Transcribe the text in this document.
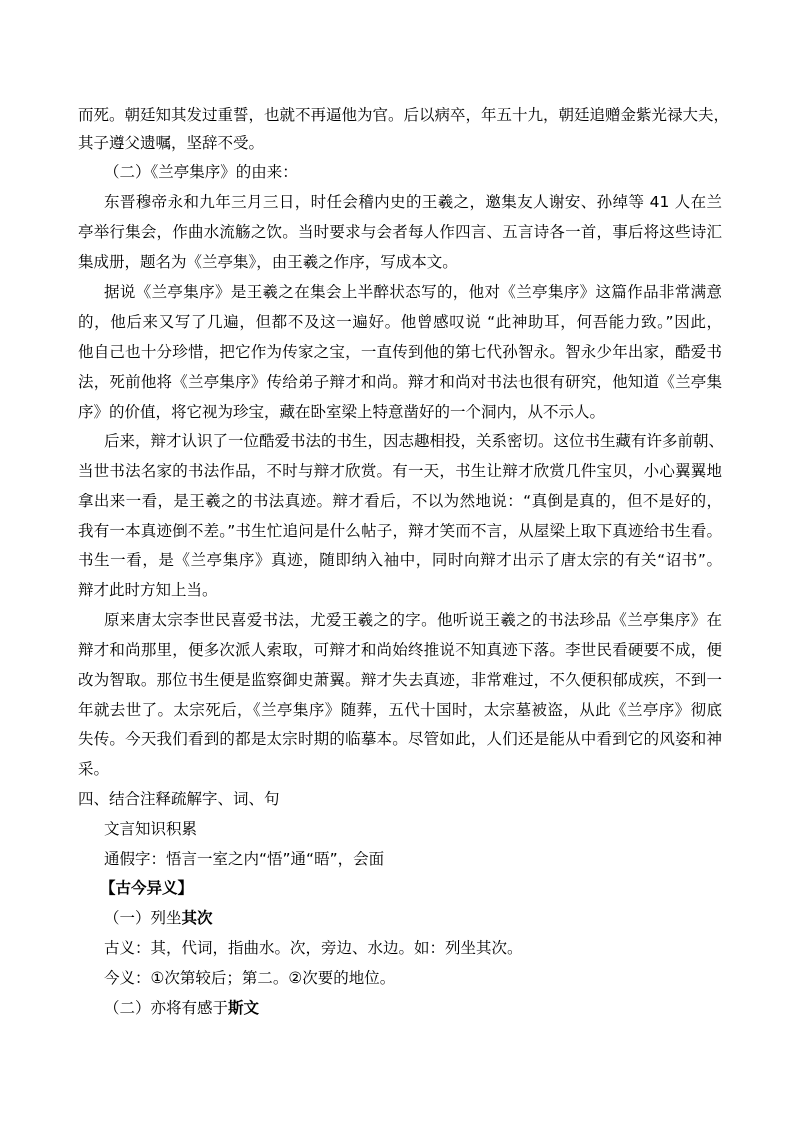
而死。朝廷知其发过重誓，也就不再逼他为官。后以病卒，年五十九，朝廷追赠金紫光禄大夫，
其子遵父遗嘱，坚辞不受。
（二）《兰亭集序》的由来：
东晋穆帝永和九年三月三日，时任会稽内史的王羲之，邀集友人谢安、孙绰等 41 人在兰
亭举行集会，作曲水流觞之饮。当时要求与会者每人作四言、五言诗各一首，事后将这些诗汇
集成册，题名为《兰亭集》，由王羲之作序，写成本文。
据说《兰亭集序》是王羲之在集会上半醉状态写的，他对《兰亭集序》这篇作品非常满意
的，他后来又写了几遍，但都不及这一遍好。他曾感叹说 “此神助耳，何吾能力致。”因此，
他自己也十分珍惜，把它作为传家之宝，一直传到他的第七代孙智永。智永少年出家，酷爱书
法，死前他将《兰亭集序》传给弟子辩才和尚。辩才和尚对书法也很有研究，他知道《兰亭集
序》的价值，将它视为珍宝，藏在卧室梁上特意凿好的一个洞内，从不示人。
后来，辩才认识了一位酷爱书法的书生，因志趣相投，关系密切。这位书生藏有许多前朝、
当世书法名家的书法作品，不时与辩才欣赏。有一天，书生让辩才欣赏几件宝贝，小心翼翼地
拿出来一看，是王羲之的书法真迹。辩才看后，不以为然地说：“真倒是真的，但不是好的，
我有一本真迹倒不差。”书生忙追问是什么帖子，辩才笑而不言，从屋梁上取下真迹给书生看。
书生一看，是《兰亭集序》真迹，随即纳入袖中，同时向辩才出示了唐太宗的有关“诏书”。
辩才此时方知上当。
原来唐太宗李世民喜爱书法，尤爱王羲之的字。他听说王羲之的书法珍品《兰亭集序》在
辩才和尚那里，便多次派人索取，可辩才和尚始终推说不知真迹下落。李世民看硬要不成，便
改为智取。那位书生便是监察御史萧翼。辩才失去真迹，非常难过，不久便积郁成疾，不到一
年就去世了。太宗死后，《兰亭集序》随葬，五代十国时，太宗墓被盗，从此《兰亭序》彻底
失传。今天我们看到的都是太宗时期的临摹本。尽管如此，人们还是能从中看到它的风姿和神
采。
四、结合注释疏解字、词、句
文言知识积累
通假字：悟言一室之内“悟”通“晤”，会面
【古今异义】
（一）列坐其次
古义：其，代词，指曲水。次，旁边、水边。如：列坐其次。
今义：①次第较后；第二。②次要的地位。
（二）亦将有感于斯文
